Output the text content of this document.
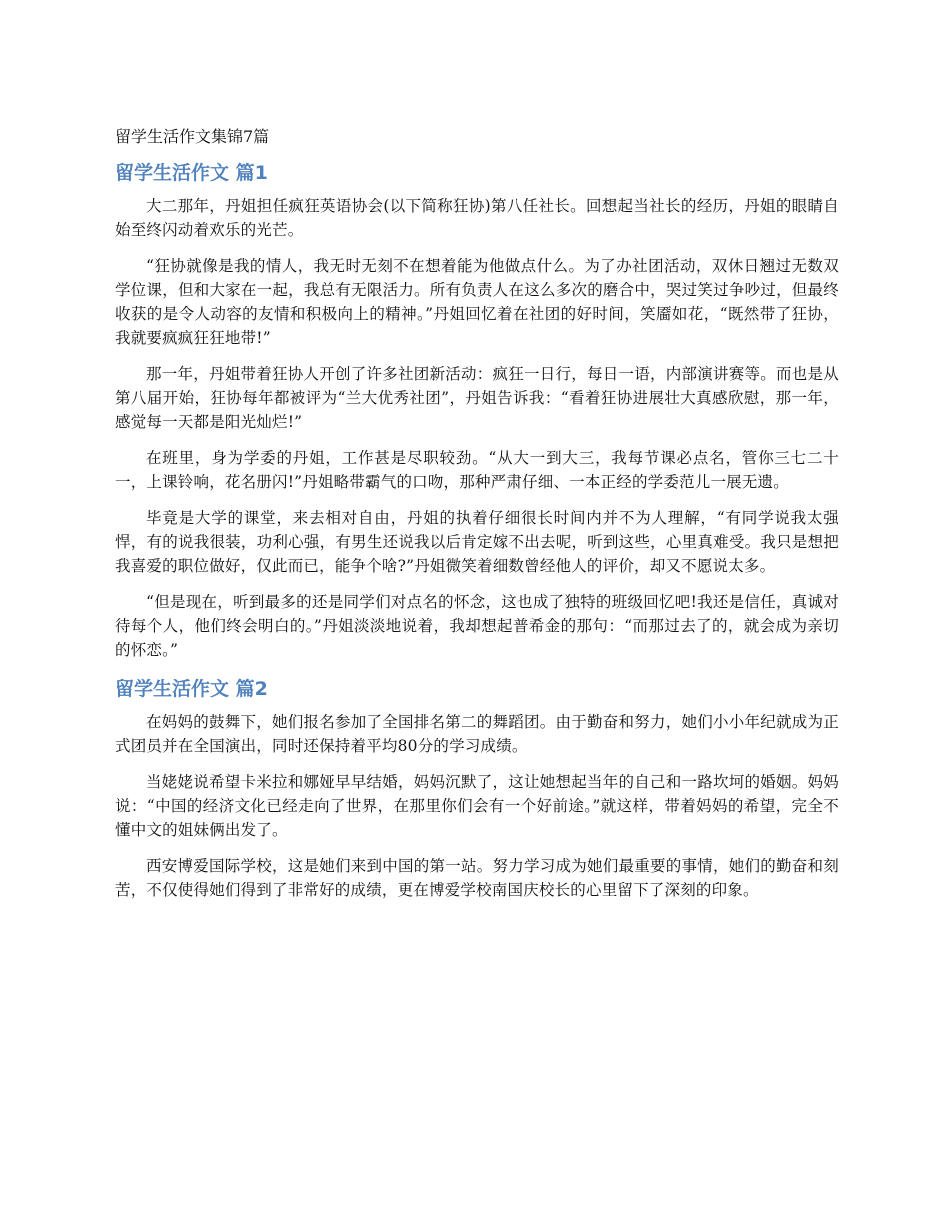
留学生活作文集锦7篇
留学生活作文 篇1

大二那年，丹姐担任疯狂英语协会(以下简称狂协)第八任社长。回想起当社长的经历，丹姐的眼睛自始至终闪动着欢乐的光芒。

“狂协就像是我的情人，我无时无刻不在想着能为他做点什么。为了办社团活动，双休日翘过无数双学位课，但和大家在一起，我总有无限活力。所有负责人在这么多次的磨合中，哭过笑过争吵过，但最终收获的是令人动容的友情和积极向上的精神。”丹姐回忆着在社团的好时间，笑靥如花，“既然带了狂协，我就要疯疯狂狂地带!”

那一年，丹姐带着狂协人开创了许多社团新活动：疯狂一日行，每日一语，内部演讲赛等。而也是从第八届开始，狂协每年都被评为“兰大优秀社团”，丹姐告诉我：“看着狂协进展壮大真感欣慰，那一年，感觉每一天都是阳光灿烂!”

在班里，身为学委的丹姐，工作甚是尽职较劲。“从大一到大三，我每节课必点名，管你三七二十一，上课铃响，花名册闪!”丹姐略带霸气的口吻，那种严肃仔细、一本正经的学委范儿一展无遗。

毕竟是大学的课堂，来去相对自由，丹姐的执着仔细很长时间内并不为人理解，“有同学说我太强悍，有的说我很装，功利心强，有男生还说我以后肯定嫁不出去呢，听到这些，心里真难受。我只是想把我喜爱的职位做好，仅此而已，能争个啥?”丹姐微笑着细数曾经他人的评价，却又不愿说太多。

“但是现在，听到最多的还是同学们对点名的怀念，这也成了独特的班级回忆吧!我还是信任，真诚对待每个人，他们终会明白的。”丹姐淡淡地说着，我却想起普希金的那句：“而那过去了的，就会成为亲切的怀恋。”

留学生活作文 篇2

在妈妈的鼓舞下，她们报名参加了全国排名第二的舞蹈团。由于勤奋和努力，她们小小年纪就成为正式团员并在全国演出，同时还保持着平均80分的学习成绩。

当姥姥说希望卡米拉和娜娅早早结婚，妈妈沉默了，这让她想起当年的自己和一路坎坷的婚姻。妈妈说：“中国的经济文化已经走向了世界，在那里你们会有一个好前途。”就这样，带着妈妈的希望，完全不懂中文的姐妹俩出发了。

西安博爱国际学校，这是她们来到中国的第一站。努力学习成为她们最重要的事情，她们的勤奋和刻苦，不仅使得她们得到了非常好的成绩，更在博爱学校南国庆校长的心里留下了深刻的印象。
